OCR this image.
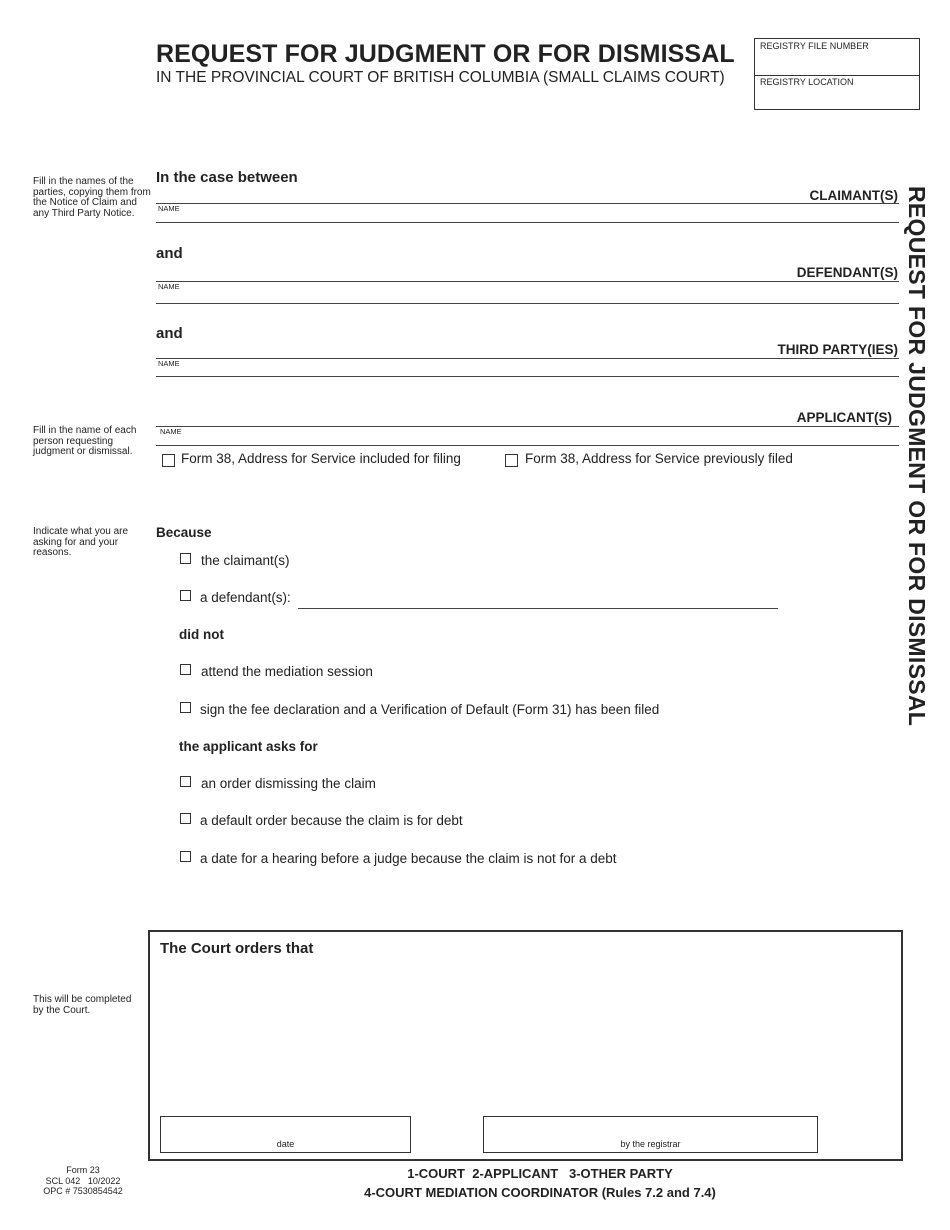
REQUEST FOR JUDGMENT OR FOR DISMISSAL
IN THE PROVINCIAL COURT OF BRITISH COLUMBIA (SMALL CLAIMS COURT)
REGISTRY FILE NUMBER
REGISTRY LOCATION
REQUEST FOR JUDGMENT OR FOR DISMISSAL
Fill in the names of the parties, copying them from the Notice of Claim and any Third Party Notice.
Fill in the name of each person requesting judgment or dismissal.
Indicate what you are asking for and your reasons.
This will be completed by the Court.
In the case between
CLAIMANT(S)
NAME
and
DEFENDANT(S)
NAME
and
THIRD PARTY(IES)
NAME
APPLICANT(S)
NAME
Form 38, Address for Service included for filing	Form 38, Address for Service previously filed
Because
the claimant(s)
a defendant(s):
did not
attend the mediation session
sign the fee declaration and a Verification of Default (Form 31) has been filed
the applicant asks for
an order dismissing the claim
a default order because the claim is for debt
a date for a hearing before a judge because the claim is not for a debt
The Court orders that
date	by the registrar
Form 23
SCL 042   10/2022
OPC # 7530854542
1-COURT  2-APPLICANT   3-OTHER PARTY
4-COURT MEDIATION COORDINATOR (Rules 7.2 and 7.4)
